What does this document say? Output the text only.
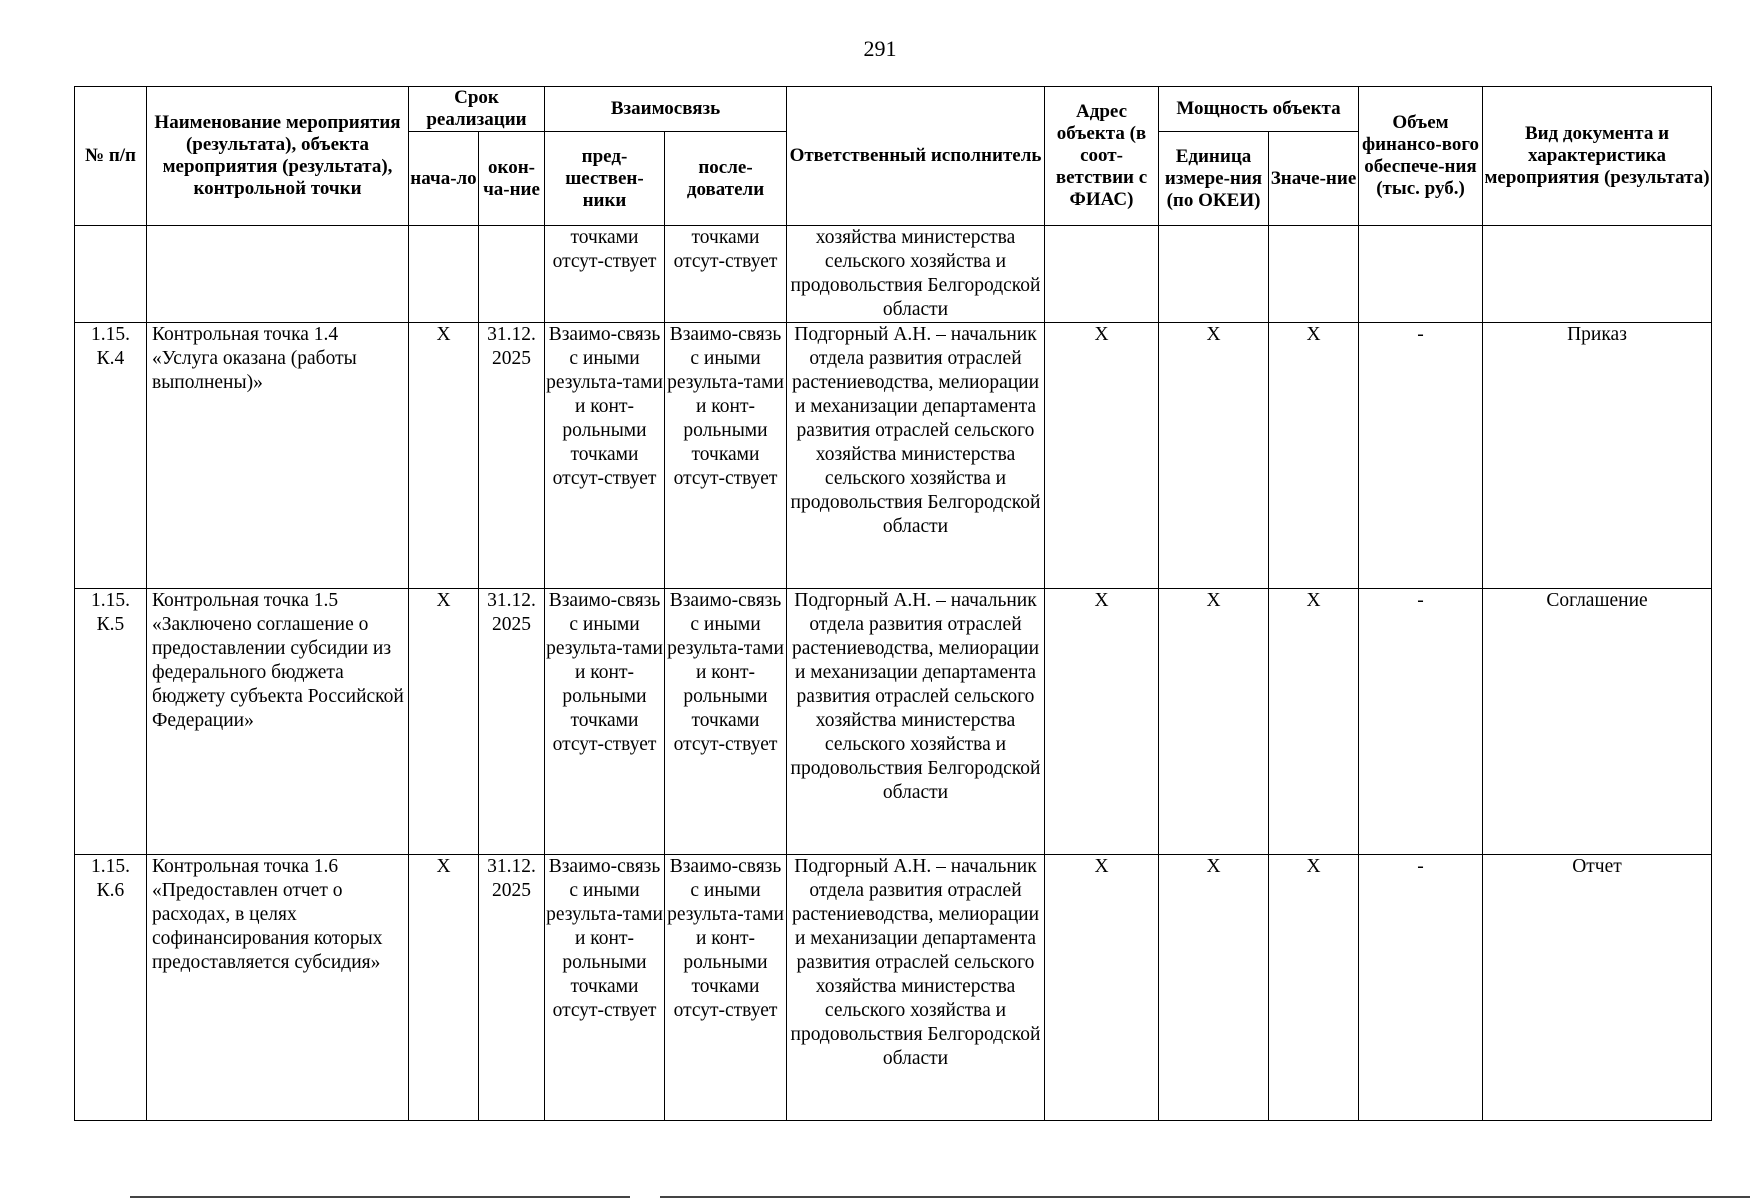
291
№ п/п	Наименование мероприятия (результата), объекта мероприятия (результата), контрольной точки	Срок реализации		Взаимосвязь		Ответственный исполнитель	Адрес объекта (в соот-ветствии с ФИАС)	Мощность объекта		Объем финансо-вого обеспече-ния (тыс. руб.)	Вид документа и характеристика мероприятия (результата)
		нача-ло	окон-ча-ние	пред-шествен-ники	после-дователи			Единица измере-ния (по ОКЕИ)	Значе-ние		
				точками отсут-ствует	точками отсут-ствует	хозяйства министерства сельского хозяйства и продовольствия Белгородской области					
1.15. К.4	Контрольная точка 1.4 «Услуга оказана (работы выполнены)»	Х	31.12. 2025	Взаимо-связь с иными результа-тами и конт-рольными точками отсут-ствует	Взаимо-связь с иными результа-тами и конт-рольными точками отсут-ствует	Подгорный А.Н. – начальник отдела развития отраслей растениеводства, мелиорации и механизации департамента развития отраслей сельского хозяйства министерства сельского хозяйства и продовольствия Белгородской области	Х	Х	Х	-	Приказ
1.15. К.5	Контрольная точка 1.5 «Заключено соглашение о предоставлении субсидии из федерального бюджета бюджету субъекта Российской Федерации»	Х	31.12. 2025	Взаимо-связь с иными результа-тами и конт-рольными точками отсут-ствует	Взаимо-связь с иными результа-тами и конт-рольными точками отсут-ствует	Подгорный А.Н. – начальник отдела развития отраслей растениеводства, мелиорации и механизации департамента развития отраслей сельского хозяйства министерства сельского хозяйства и продовольствия Белгородской области	Х	Х	Х	-	Соглашение
1.15. К.6	Контрольная точка 1.6 «Предоставлен отчет о расходах, в целях софинансирования которых предоставляется субсидия»	Х	31.12. 2025	Взаимо-связь с иными результа-тами и конт-рольными точками отсут-ствует	Взаимо-связь с иными результа-тами и конт-рольными точками отсут-ствует	Подгорный А.Н. – начальник отдела развития отраслей растениеводства, мелиорации и механизации департамента развития отраслей сельского хозяйства министерства сельского хозяйства и продовольствия Белгородской области	Х	Х	Х	-	Отчет
